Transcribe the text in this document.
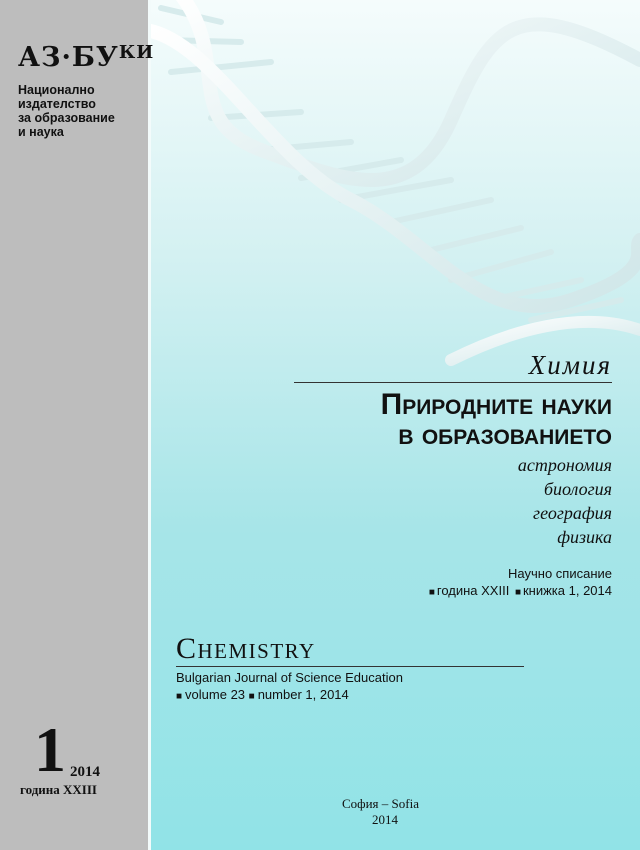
$АЗ\cdot БУ^{КИ}$
Национално
издателство
за образование
и наука
1 2014
година XXIII
Химия
Природните науки
в образованието
астрономия
биология
география
физика
Научно списание
■ година XXIII ■ книжка 1, 2014
Chemistry
Bulgarian Journal of Science Education
■ volume 23 ■ number 1, 2014
София – Sofia
2014
